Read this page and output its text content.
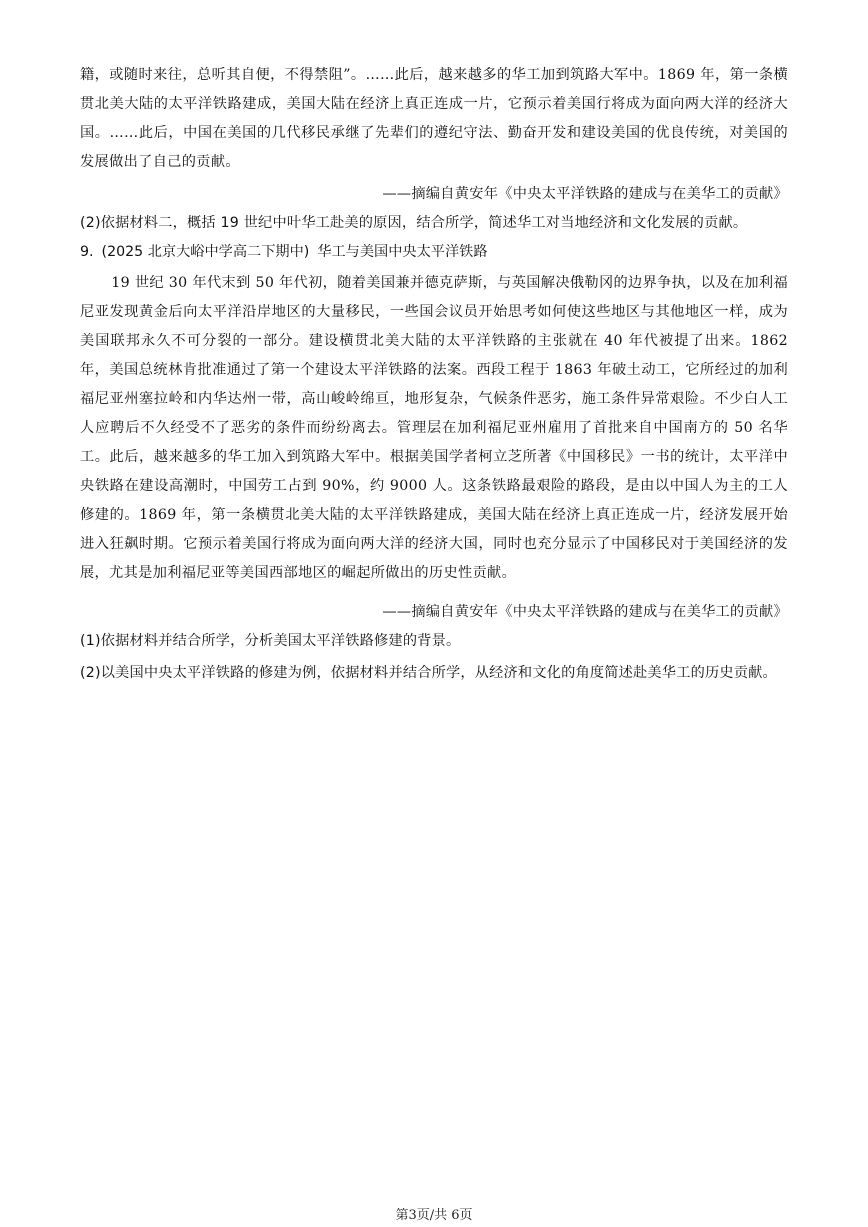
籍，或随时来往，总听其自便，不得禁阻”。……此后，越来越多的华工加到筑路大军中。1869 年，第一条横贯北美大陆的太平洋铁路建成，美国大陆在经济上真正连成一片，它预示着美国行将成为面向两大洋的经济大国。……此后，中国在美国的几代移民承继了先辈们的遵纪守法、勤奋开发和建设美国的优良传统，对美国的发展做出了自己的贡献。

——摘编自黄安年《中央太平洋铁路的建成与在美华工的贡献》
(2)依据材料二，概括 19 世纪中叶华工赴美的原因，结合所学，简述华工对当地经济和文化发展的贡献。
9. (2025 北京大峪中学高二下期中) 华工与美国中央太平洋铁路

19 世纪 30 年代末到 50 年代初，随着美国兼并德克萨斯，与英国解决俄勒冈的边界争执，以及在加利福尼亚发现黄金后向太平洋沿岸地区的大量移民，一些国会议员开始思考如何使这些地区与其他地区一样，成为美国联邦永久不可分裂的一部分。建设横贯北美大陆的太平洋铁路的主张就在 40 年代被提了出来。1862 年，美国总统林肯批准通过了第一个建设太平洋铁路的法案。西段工程于 1863 年破土动工，它所经过的加利福尼亚州塞拉岭和内华达州一带，高山峻岭绵亘，地形复杂，气候条件恶劣，施工条件异常艰险。不少白人工人应聘后不久经受不了恶劣的条件而纷纷离去。管理层在加利福尼亚州雇用了首批来自中国南方的 50 名华工。此后，越来越多的华工加入到筑路大军中。根据美国学者柯立芝所著《中国移民》一书的统计，太平洋中央铁路在建设高潮时，中国劳工占到 90%，约 9000 人。这条铁路最艰险的路段，是由以中国人为主的工人修建的。1869 年，第一条横贯北美大陆的太平洋铁路建成，美国大陆在经济上真正连成一片，经济发展开始进入狂飙时期。它预示着美国行将成为面向两大洋的经济大国，同时也充分显示了中国移民对于美国经济的发展，尤其是加利福尼亚等美国西部地区的崛起所做出的历史性贡献。

——摘编自黄安年《中央太平洋铁路的建成与在美华工的贡献》
(1)依据材料并结合所学，分析美国太平洋铁路修建的背景。
(2)以美国中央太平洋铁路的修建为例，依据材料并结合所学，从经济和文化的角度简述赴美华工的历史贡献。
第3页/共 6页
